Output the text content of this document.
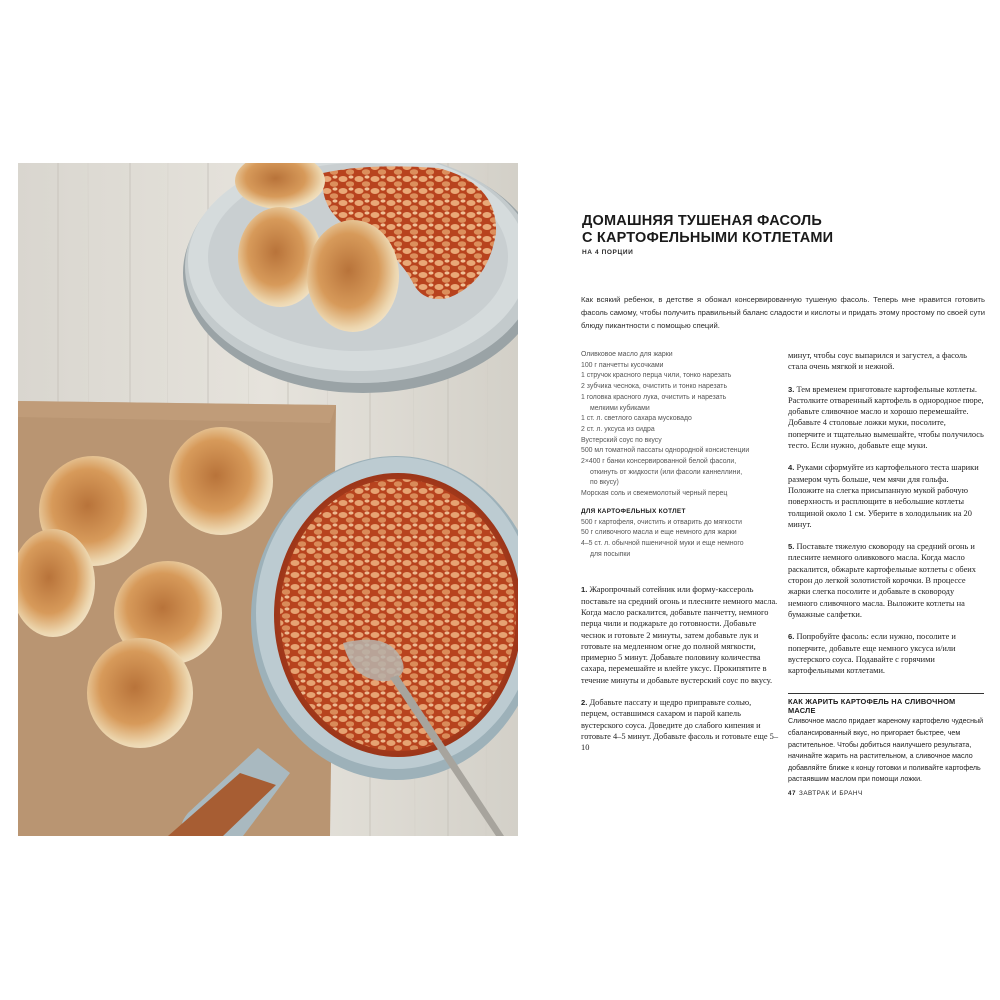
ДОМАШНЯЯ ТУШЕНАЯ ФАСОЛЬ
С КАРТОФЕЛЬНЫМИ КОТЛЕТАМИ
НА 4 ПОРЦИИ
Как всякий ребенок, в детстве я обожал консервированную тушеную фасоль. Теперь мне нравится готовить фасоль самому, чтобы получить правильный баланс сладости и кислоты и придать этому простому по своей сути блюду пикантности с помощью специй.
Оливковое масло для жарки
100 г панчетты кусочками
1 стручок красного перца чили, тонко нарезать
2 зубчика чеснока, очистить и тонко нарезать
1 головка красного лука, очистить и нарезать
мелкими кубиками
1 ст. л. светлого сахара мусковадо
2 ст. л. уксуса из сидра
Вустерский соус по вкусу
500 мл томатной пассаты однородной консистенции
2×400 г банки консервированной белой фасоли,
откинуть от жидкости (или фасоли каннеллини,
по вкусу)
Морская соль и свежемолотый черный перец
ДЛЯ КАРТОФЕЛЬНЫХ КОТЛЕТ
500 г картофеля, очистить и отварить до мягкости
50 г сливочного масла и еще немного для жарки
4–5 ст. л. обычной пшеничной муки и еще немного
для посыпки
1. Жаропрочный сотейник или форму-кассероль поставьте на средний огонь и плесните немного масла. Когда масло раскалится, добавьте панчетту, немного перца чили и поджарьте до готовности. Добавьте чеснок и готовьте 2 минуты, затем добавьте лук и готовьте на медленном огне до полной мягкости, примерно 5 минут. Добавьте половину количества сахара, перемешайте и влейте уксус. Прокипятите в течение минуты и добавьте вустерский соус по вкусу.
2. Добавьте пассату и щедро приправьте солью, перцем, оставшимся сахаром и парой капель вустерского соуса. Доведите до слабого кипения и готовьте 4–5 минут. Добавьте фасоль и готовьте еще 5–10
минут, чтобы соус выпарился и загустел, а фасоль стала очень мягкой и нежной.
3. Тем временем приготовьте картофельные котлеты. Растолките отваренный картофель в однородное пюре, добавьте сливочное масло и хорошо перемешайте. Добавьте 4 столовые ложки муки, посолите, поперчите и тщательно вымешайте, чтобы получилось тесто. Если нужно, добавьте еще муки.
4. Руками сформуйте из картофельного теста шарики размером чуть больше, чем мячи для гольфа. Положите на слегка присыпанную мукой рабочую поверхность и расплющите в небольшие котлеты толщиной около 1 см. Уберите в холодильник на 20 минут.
5. Поставьте тяжелую сковороду на средний огонь и плесните немного оливкового масла. Когда масло раскалится, обжарьте картофельные котлеты с обеих сторон до легкой золотистой корочки. В процессе жарки слегка посолите и добавьте в сковороду немного сливочного масла. Выложите котлеты на бумажные салфетки.
6. Попробуйте фасоль: если нужно, посолите и поперчите, добавьте еще немного уксуса и/или вустерского соуса. Подавайте с горячими картофельными котлетами.
КАК ЖАРИТЬ КАРТОФЕЛЬ НА СЛИВОЧНОМ МАСЛЕ
Сливочное масло придает жареному картофелю чудесный сбалансированный вкус, но пригорает быстрее, чем растительное. Чтобы добиться наилучшего результата, начинайте жарить на растительном, а сливочное масло добавляйте ближе к концу готовки и поливайте картофель растаявшим маслом при помощи ложки.
47 ЗАВТРАК И БРАНЧ
